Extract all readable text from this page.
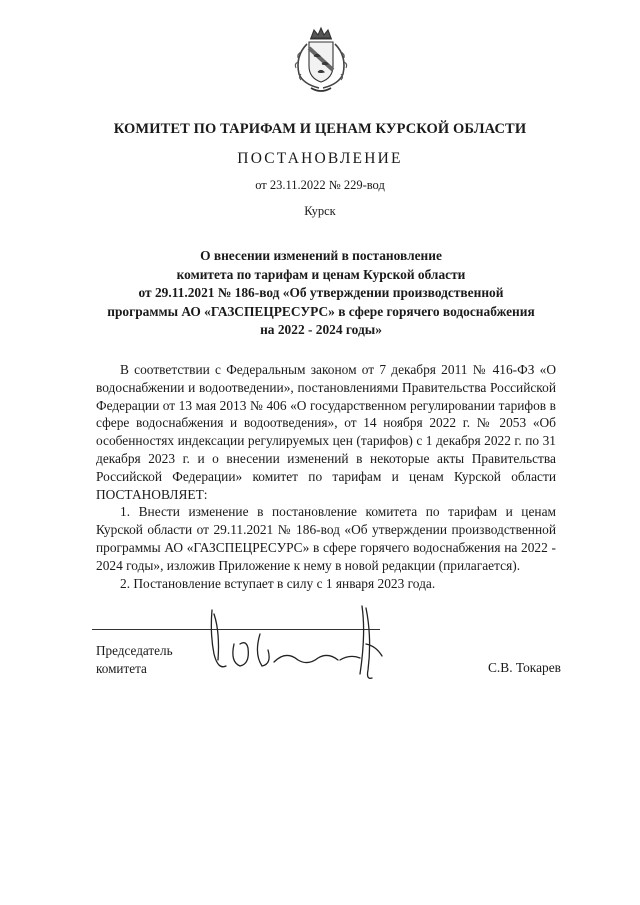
КОМИТЕТ ПО ТАРИФАМ И ЦЕНАМ КУРСКОЙ ОБЛАСТИ
ПОСТАНОВЛЕНИЕ
от 23.11.2022 № 229-вод
Курск
О внесении изменений в постановление
комитета по тарифам и ценам Курской области
от 29.11.2021 № 186-вод «Об утверждении производственной
программы АО «ГАЗСПЕЦРЕСУРС» в сфере горячего водоснабжения
на 2022 - 2024 годы»

В соответствии с Федеральным законом от 7 декабря 2011 № 416-ФЗ «О водоснабжении и водоотведении», постановлениями Правительства Российской Федерации от 13 мая 2013 № 406 «О государственном регулировании тарифов в сфере водоснабжения и водоотведения», от 14 ноября 2022 г. № 2053 «Об особенностях индексации регулируемых цен (тарифов) с 1 декабря 2022 г. по 31 декабря 2023 г. и о внесении изменений в некоторые акты Правительства Российской Федерации» комитет по тарифам и ценам Курской области ПОСТАНОВЛЯЕТ:

1. Внести изменение в постановление комитета по тарифам и ценам Курской области от 29.11.2021 № 186-вод «Об утверждении производственной программы АО «ГАЗСПЕЦРЕСУРС» в сфере горячего водоснабжения на 2022 - 2024 годы», изложив Приложение к нему в новой редакции (прилагается).

2. Постановление вступает в силу с 1 января 2023 года.

Председатель
комитета	С.В. Токарев
